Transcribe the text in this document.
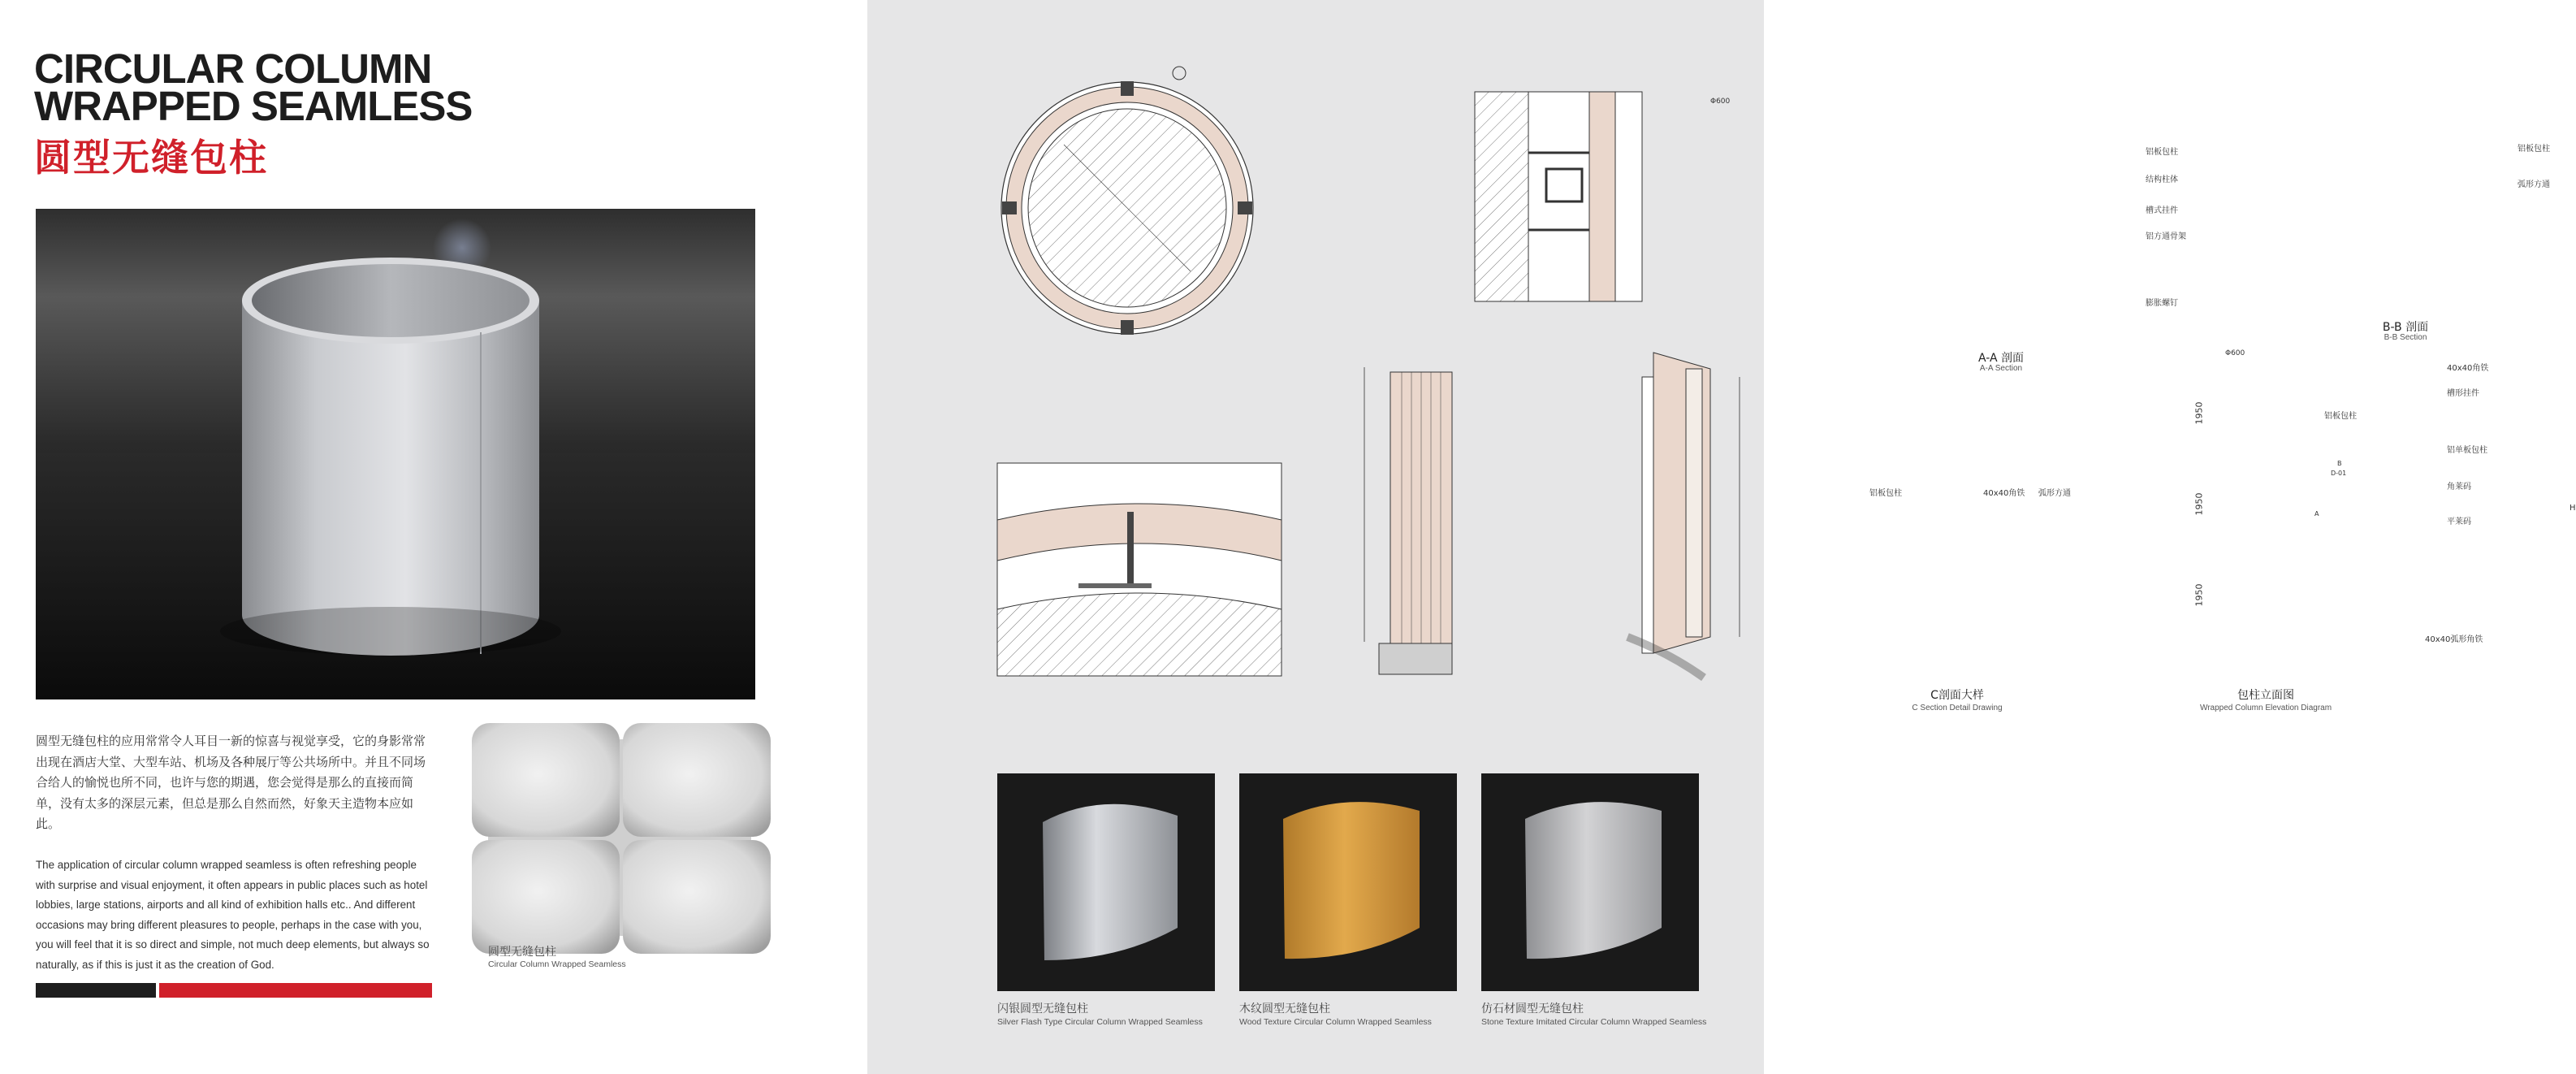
CIRCULAR COLUMN
WRAPPED SEAMLESS
圆型无缝包柱
圆型无缝包柱的应用常常令人耳目一新的惊喜与视觉享受，它的身影常常出现在酒店大堂、大型车站、机场及各种展厅等公共场所中。并且不同场合给人的愉悦也所不同，也许与您的期遇，您会觉得是那么的直接而简单，没有太多的深层元素，但总是那么自然而然，好象天主造物本应如此。
The application of circular column wrapped seamless is often refreshing people with surprise and visual enjoyment, it often appears in public places such as hotel lobbies, large stations, airports and all kind of exhibition halls etc.. And different occasions may bring different pleasures to people, perhaps in the case with you, you will feel that it is so direct and simple, not much deep elements, but always so naturally, as if this is just it as the creation of God.
圆型无缝包柱
Circular Column Wrapped Seamless
Φ600
铝板包柱
结构柱体
槽式挂件
铝方通骨架
膨胀螺钉
A-A 剖面
A-A Section
铝板包柱
弧形方通
B-B 剖面
B-B Section
铝板包柱	40x40角铁 弧形方通
C剖面大样
C Section Detail Drawing
Φ600
1950
1950
1950
铝板包柱
B
D-01
A
包柱立面图
Wrapped Column Elevation Diagram
40x40角铁
槽形挂件
铝单板包柱
角莱码
平莱码
40x40弧形角铁
H
闪银圆型无缝包柱
Silver Flash Type Circular Column Wrapped Seamless
木纹圆型无缝包柱
Wood Texture Circular Column Wrapped Seamless
仿石材圆型无缝包柱
Stone Texture Imitated Circular Column Wrapped Seamless
